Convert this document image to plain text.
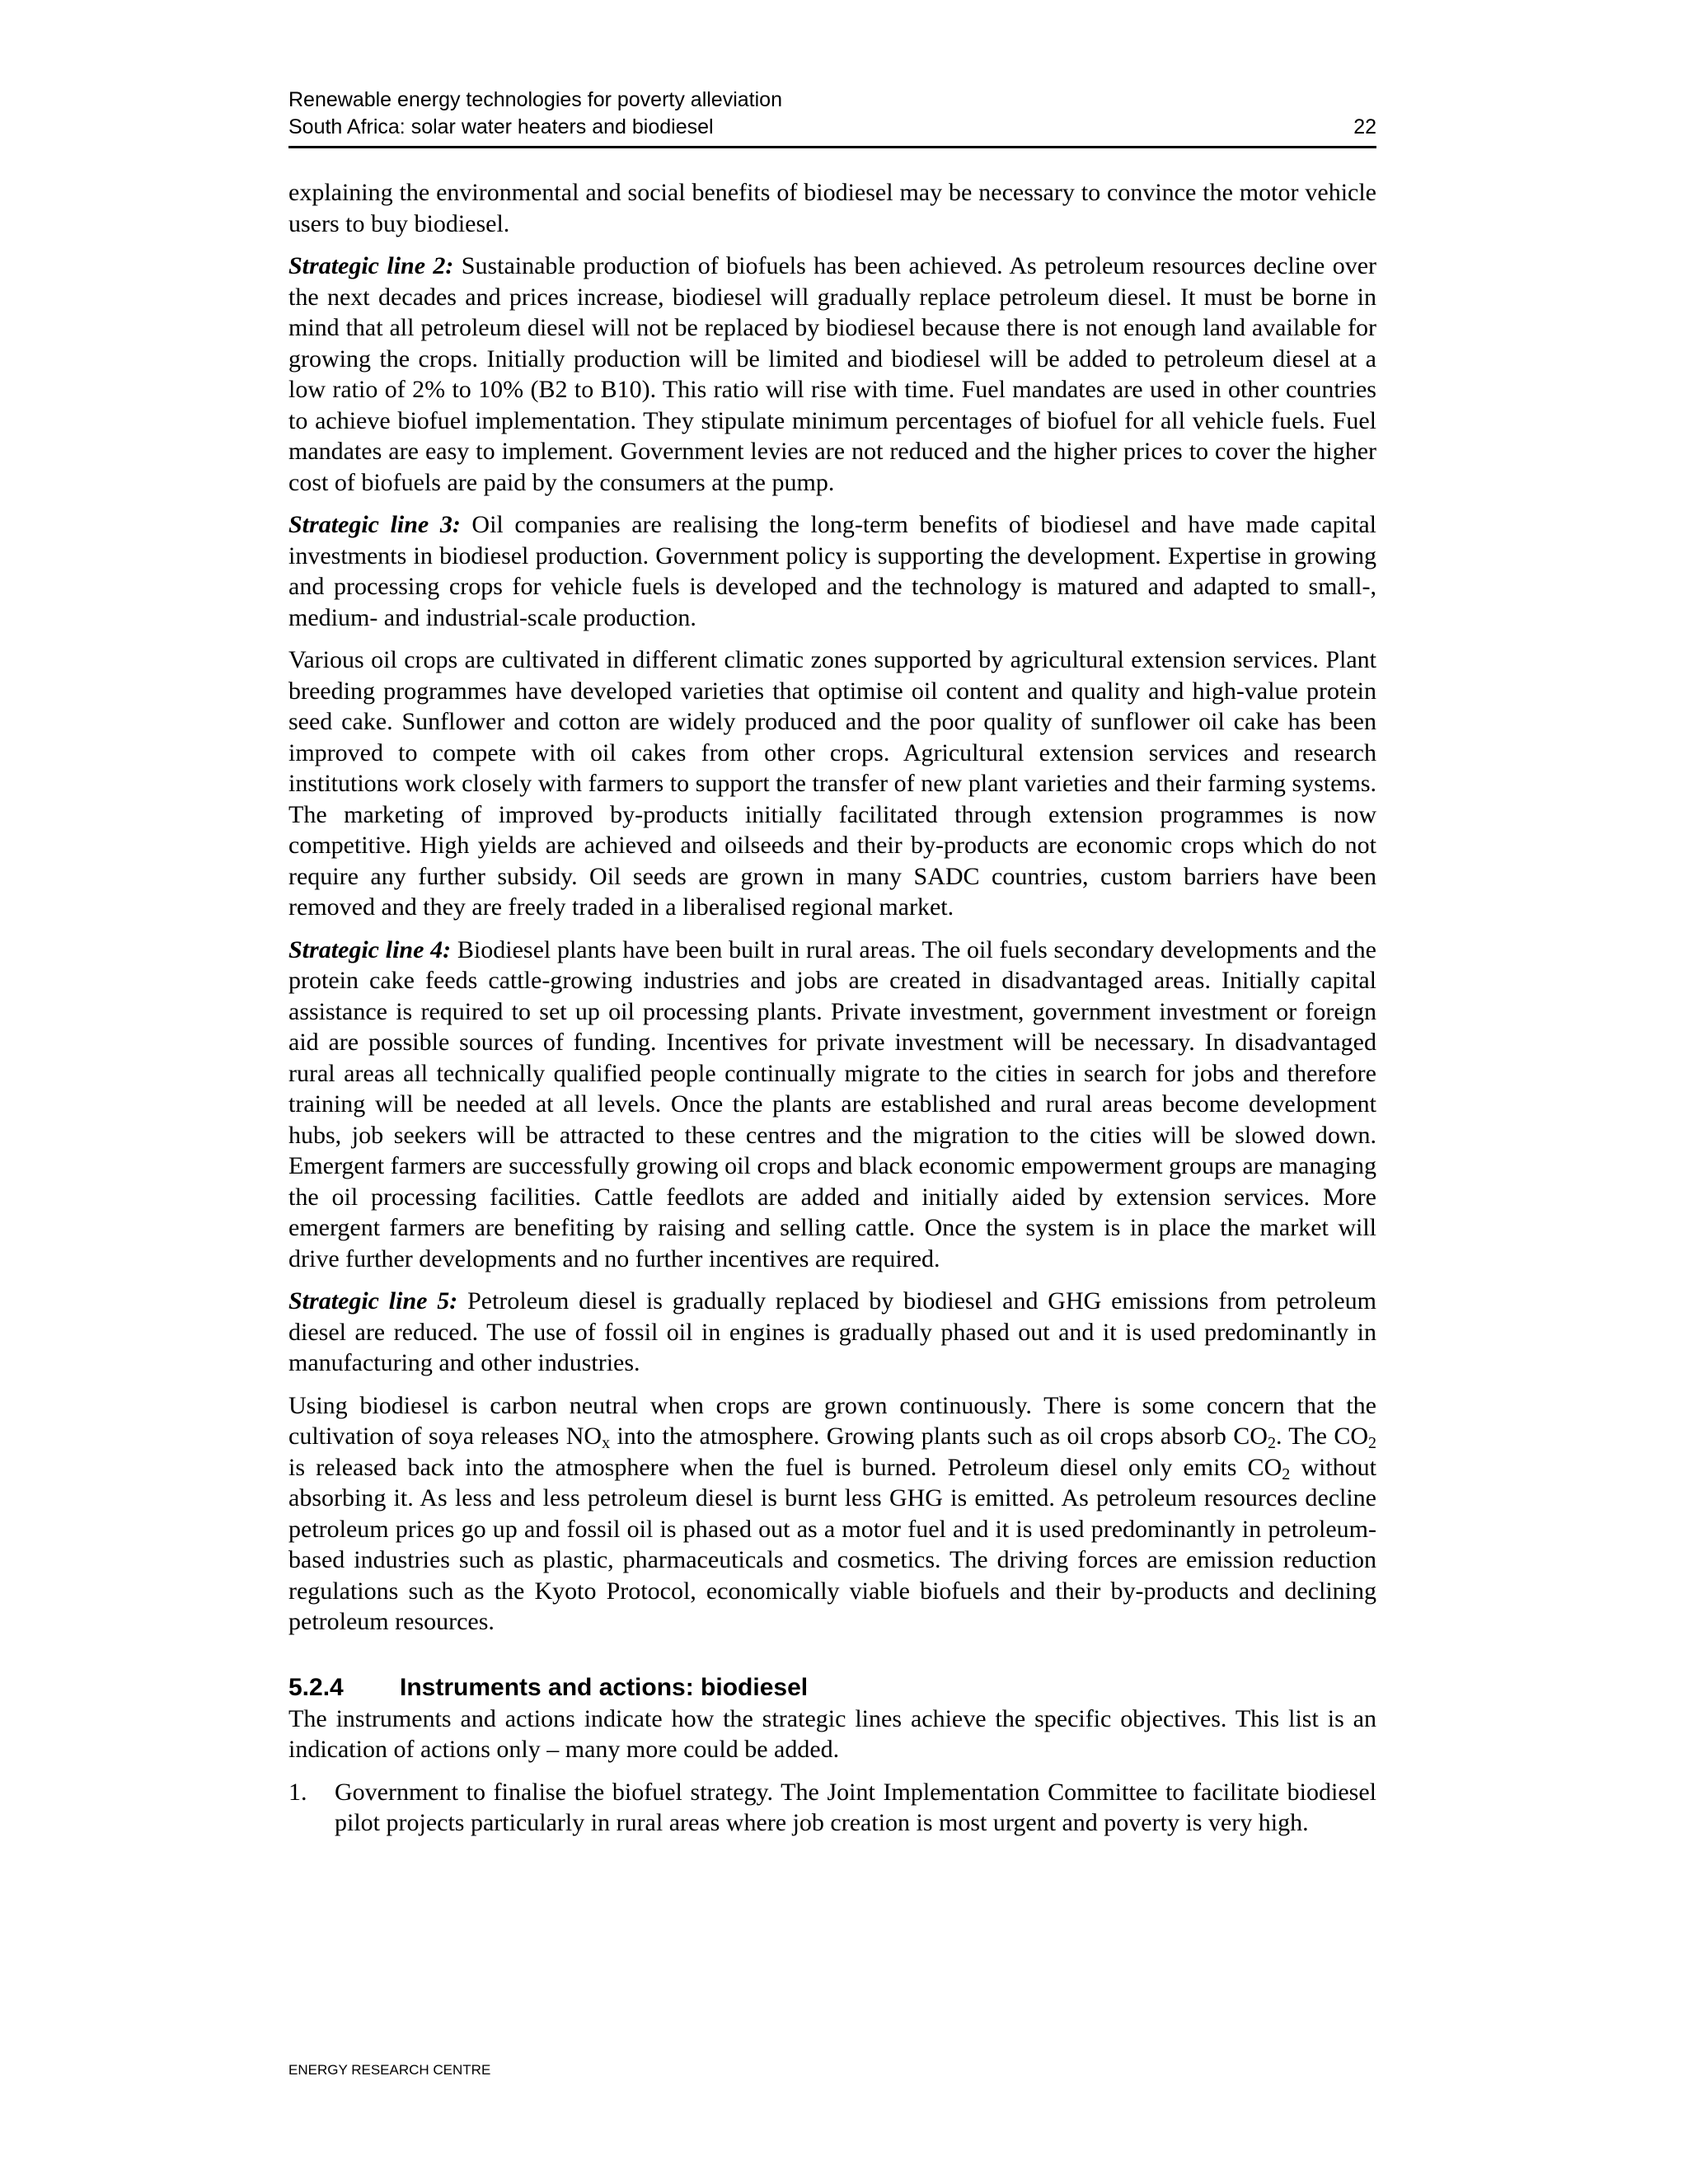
Renewable energy technologies for poverty alleviation
South Africa: solar water heaters and biodiesel	22

explaining the environmental and social benefits of biodiesel may be necessary to convince the motor vehicle users to buy biodiesel.

Strategic line 2: Sustainable production of biofuels has been achieved. As petroleum resources decline over the next decades and prices increase, biodiesel will gradually replace petroleum diesel. It must be borne in mind that all petroleum diesel will not be replaced by biodiesel because there is not enough land available for growing the crops. Initially production will be limited and biodiesel will be added to petroleum diesel at a low ratio of 2% to 10% (B2 to B10). This ratio will rise with time. Fuel mandates are used in other countries to achieve biofuel implementation. They stipulate minimum percentages of biofuel for all vehicle fuels. Fuel mandates are easy to implement. Government levies are not reduced and the higher prices to cover the higher cost of biofuels are paid by the consumers at the pump.

Strategic line 3: Oil companies are realising the long-term benefits of biodiesel and have made capital investments in biodiesel production. Government policy is supporting the development. Expertise in growing and processing crops for vehicle fuels is developed and the technology is matured and adapted to small-, medium- and industrial-scale production.

Various oil crops are cultivated in different climatic zones supported by agricultural extension services. Plant breeding programmes have developed varieties that optimise oil content and quality and high-value protein seed cake. Sunflower and cotton are widely produced and the poor quality of sunflower oil cake has been improved to compete with oil cakes from other crops. Agricultural extension services and research institutions work closely with farmers to support the transfer of new plant varieties and their farming systems. The marketing of improved by-products initially facilitated through extension programmes is now competitive. High yields are achieved and oilseeds and their by-products are economic crops which do not require any further subsidy. Oil seeds are grown in many SADC countries, custom barriers have been removed and they are freely traded in a liberalised regional market.

Strategic line 4: Biodiesel plants have been built in rural areas. The oil fuels secondary developments and the protein cake feeds cattle-growing industries and jobs are created in disadvantaged areas. Initially capital assistance is required to set up oil processing plants. Private investment, government investment or foreign aid are possible sources of funding. Incentives for private investment will be necessary. In disadvantaged rural areas all technically qualified people continually migrate to the cities in search for jobs and therefore training will be needed at all levels. Once the plants are established and rural areas become development hubs, job seekers will be attracted to these centres and the migration to the cities will be slowed down. Emergent farmers are successfully growing oil crops and black economic empowerment groups are managing the oil processing facilities. Cattle feedlots are added and initially aided by extension services. More emergent farmers are benefiting by raising and selling cattle. Once the system is in place the market will drive further developments and no further incentives are required.

Strategic line 5: Petroleum diesel is gradually replaced by biodiesel and GHG emissions from petroleum diesel are reduced. The use of fossil oil in engines is gradually phased out and it is used predominantly in manufacturing and other industries.

Using biodiesel is carbon neutral when crops are grown continuously. There is some concern that the cultivation of soya releases $NO_x$ into the atmosphere. Growing plants such as oil crops absorb $CO_2$. The $CO_2$ is released back into the atmosphere when the fuel is burned. Petroleum diesel only emits $CO_2$ without absorbing it. As less and less petroleum diesel is burnt less GHG is emitted. As petroleum resources decline petroleum prices go up and fossil oil is phased out as a motor fuel and it is used predominantly in petroleum-based industries such as plastic, pharmaceuticals and cosmetics. The driving forces are emission reduction regulations such as the Kyoto Protocol, economically viable biofuels and their by-products and declining petroleum resources.

5.2.4	Instruments and actions: biodiesel

The instruments and actions indicate how the strategic lines achieve the specific objectives. This list is an indication of actions only – many more could be added.

1.	Government to finalise the biofuel strategy. The Joint Implementation Committee to facilitate biodiesel pilot projects particularly in rural areas where job creation is most urgent and poverty is very high.
ENERGY RESEARCH CENTRE
